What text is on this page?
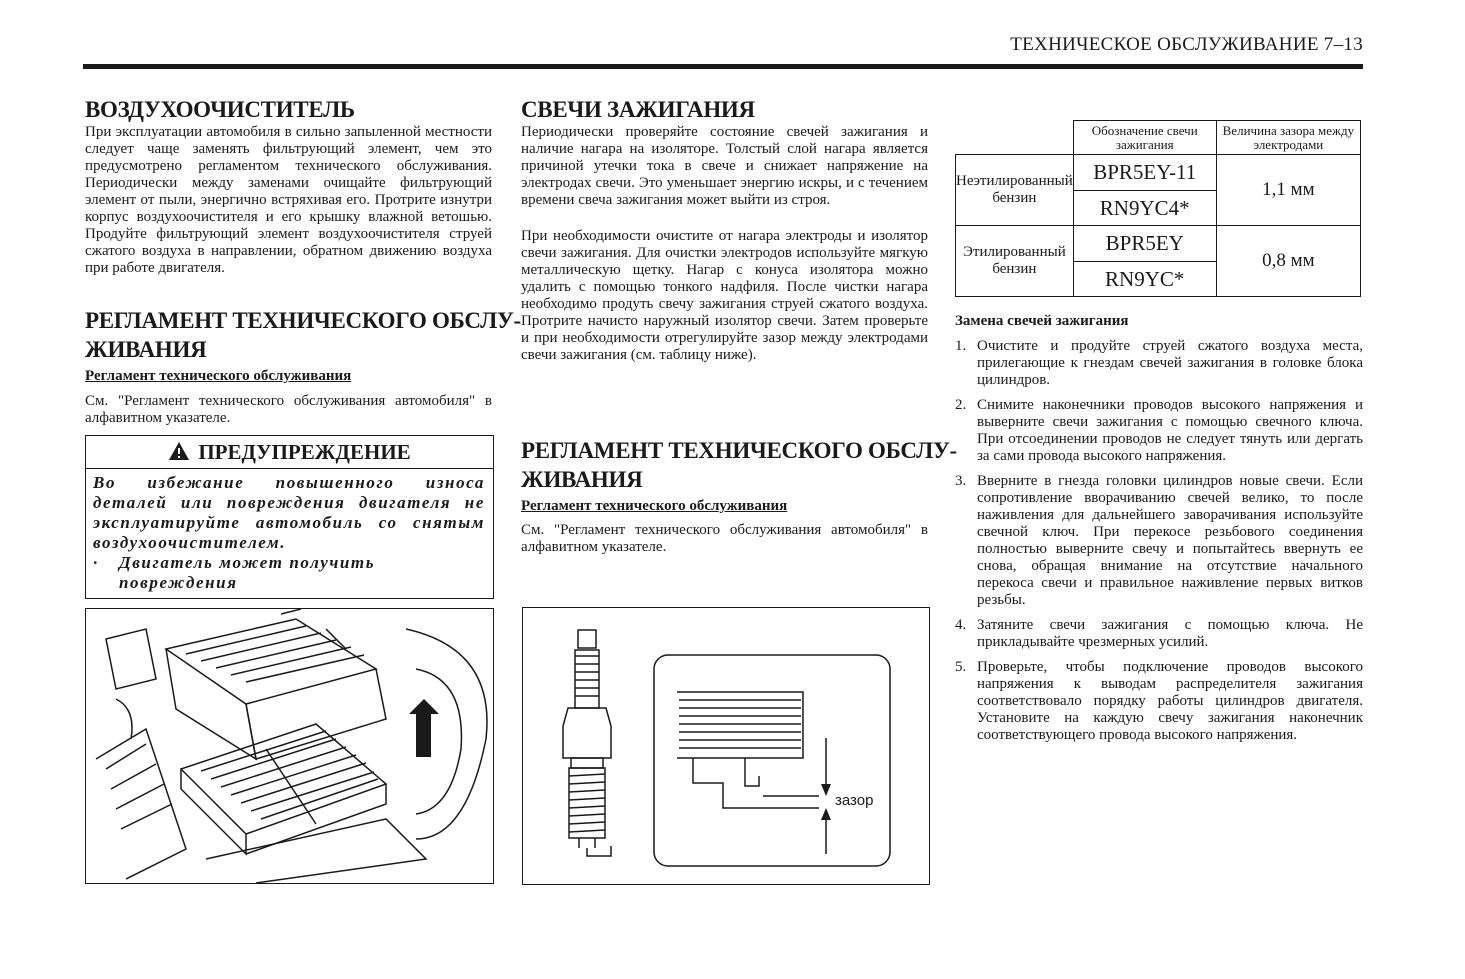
ТЕХНИЧЕСКОЕ ОБСЛУЖИВАНИЕ 7–13
ВОЗДУХООЧИСТИТЕЛЬ

При эксплуатации автомобиля в сильно запыленной местности следует чаще заменять фильтрующий элемент, чем это предусмотрено регламентом технического обслуживания. Периодически между заменами очищайте фильтрующий элемент от пыли, энергично встряхивая его. Протрите изнутри корпус воздухоочистителя и его крышку влажной ветошью. Продуйте фильтрующий элемент воздухоочистителя струей сжатого воздуха в направлении, обратном движению воздуха при работе двигателя.

РЕГЛАМЕНТ ТЕХНИЧЕСКОГО ОБСЛУ-
ЖИВАНИЯ
Регламент технического обслуживания

См. "Регламент технического обслуживания автомобиля" в алфавитном указателе.

ПРЕДУПРЕЖДЕНИЕ
Во избежание повышенного износа деталей или повреждения двигателя не эксплуатируйте автомобиль со снятым воздухоочистителем.
·	Двигатель может получить повреждения
СВЕЧИ ЗАЖИГАНИЯ

Периодически проверяйте состояние свечей зажигания и наличие нагара на изоляторе. Толстый слой нагара является причиной утечки тока в свече и снижает напряжение на электродах свечи. Это уменьшает энергию искры, и с течением времени свеча зажигания может выйти из строя.

При необходимости очистите от нагара электроды и изолятор свечи зажигания. Для очистки электродов используйте мягкую металлическую щетку. Нагар с конуса изолятора можно удалить с помощью тонкого надфиля. После чистки нагара необходимо продуть свечу зажигания струей сжатого воздуха. Протрите начисто наружный изолятор свечи. Затем проверьте и при необходимости отрегулируйте зазор между электродами свечи зажигания (см. таблицу ниже).

РЕГЛАМЕНТ ТЕХНИЧЕСКОГО ОБСЛУ-
ЖИВАНИЯ
Регламент технического обслуживания

См. "Регламент технического обслуживания автомобиля" в алфавитном указателе.

зазор
	Обозначение свечи зажигания	Величина зазора между электродами
Неэтилированный бензин	BPR5EY-11	1,1 мм
	RN9YC4*	
Этилированный бензин	BPR5EY	0,8 мм
	RN9YC*	
Замена свечей зажигания
1. Очистите и продуйте струей сжатого воздуха места, прилегающие к гнездам свечей зажигания в головке блока цилиндров.
2. Снимите наконечники проводов высокого напряжения и выверните свечи зажигания с помощью свечного ключа. При отсоединении проводов не следует тянуть или дергать за сами провода высокого напряжения.
3. Вверните в гнезда головки цилиндров новые свечи. Если сопротивление вворачиванию свечей велико, то после наживления для дальнейшего заворачивания используйте свечной ключ. При перекосе резьбового соединения полностью выверните свечу и попытайтесь ввернуть ее снова, обращая внимание на отсутствие начального перекоса свечи и правильное наживление первых витков резьбы.
4. Затяните свечи зажигания с помощью ключа. Не прикладывайте чрезмерных усилий.
5. Проверьте, чтобы подключение проводов высокого напряжения к выводам распределителя зажигания соответствовало порядку работы цилиндров двигателя. Установите на каждую свечу зажигания наконечник соответствующего провода высокого напряжения.
